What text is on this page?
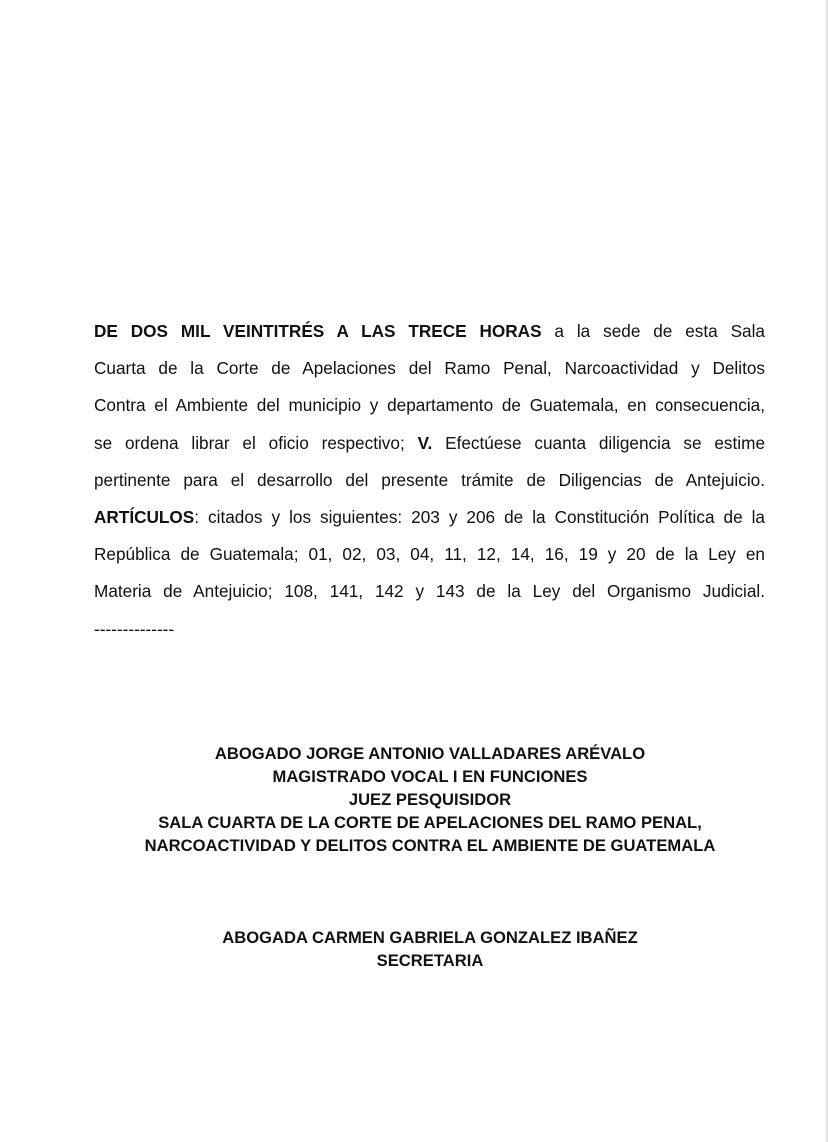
DE DOS MIL VEINTITRÉS A LAS TRECE HORAS a la sede de esta Sala
Cuarta de la Corte de Apelaciones del Ramo Penal, Narcoactividad y Delitos
Contra el Ambiente del municipio y departamento de Guatemala, en consecuencia,
se ordena librar el oficio respectivo; V. Efectúese cuanta diligencia se estime
pertinente para el desarrollo del presente trámite de Diligencias de Antejuicio.
ARTÍCULOS: citados y los siguientes: 203 y 206 de la Constitución Política de la
República de Guatemala; 01, 02, 03, 04, 11, 12, 14, 16, 19 y 20 de la Ley en
Materia de Antejuicio; 108, 141, 142 y 143 de la Ley del Organismo Judicial.
--------------
ABOGADO JORGE ANTONIO VALLADARES ARÉVALO
MAGISTRADO VOCAL I EN FUNCIONES
JUEZ PESQUISIDOR
SALA CUARTA DE LA CORTE DE APELACIONES DEL RAMO PENAL,
NARCOACTIVIDAD Y DELITOS CONTRA EL AMBIENTE DE GUATEMALA
ABOGADA CARMEN GABRIELA GONZALEZ IBAÑEZ
SECRETARIA
